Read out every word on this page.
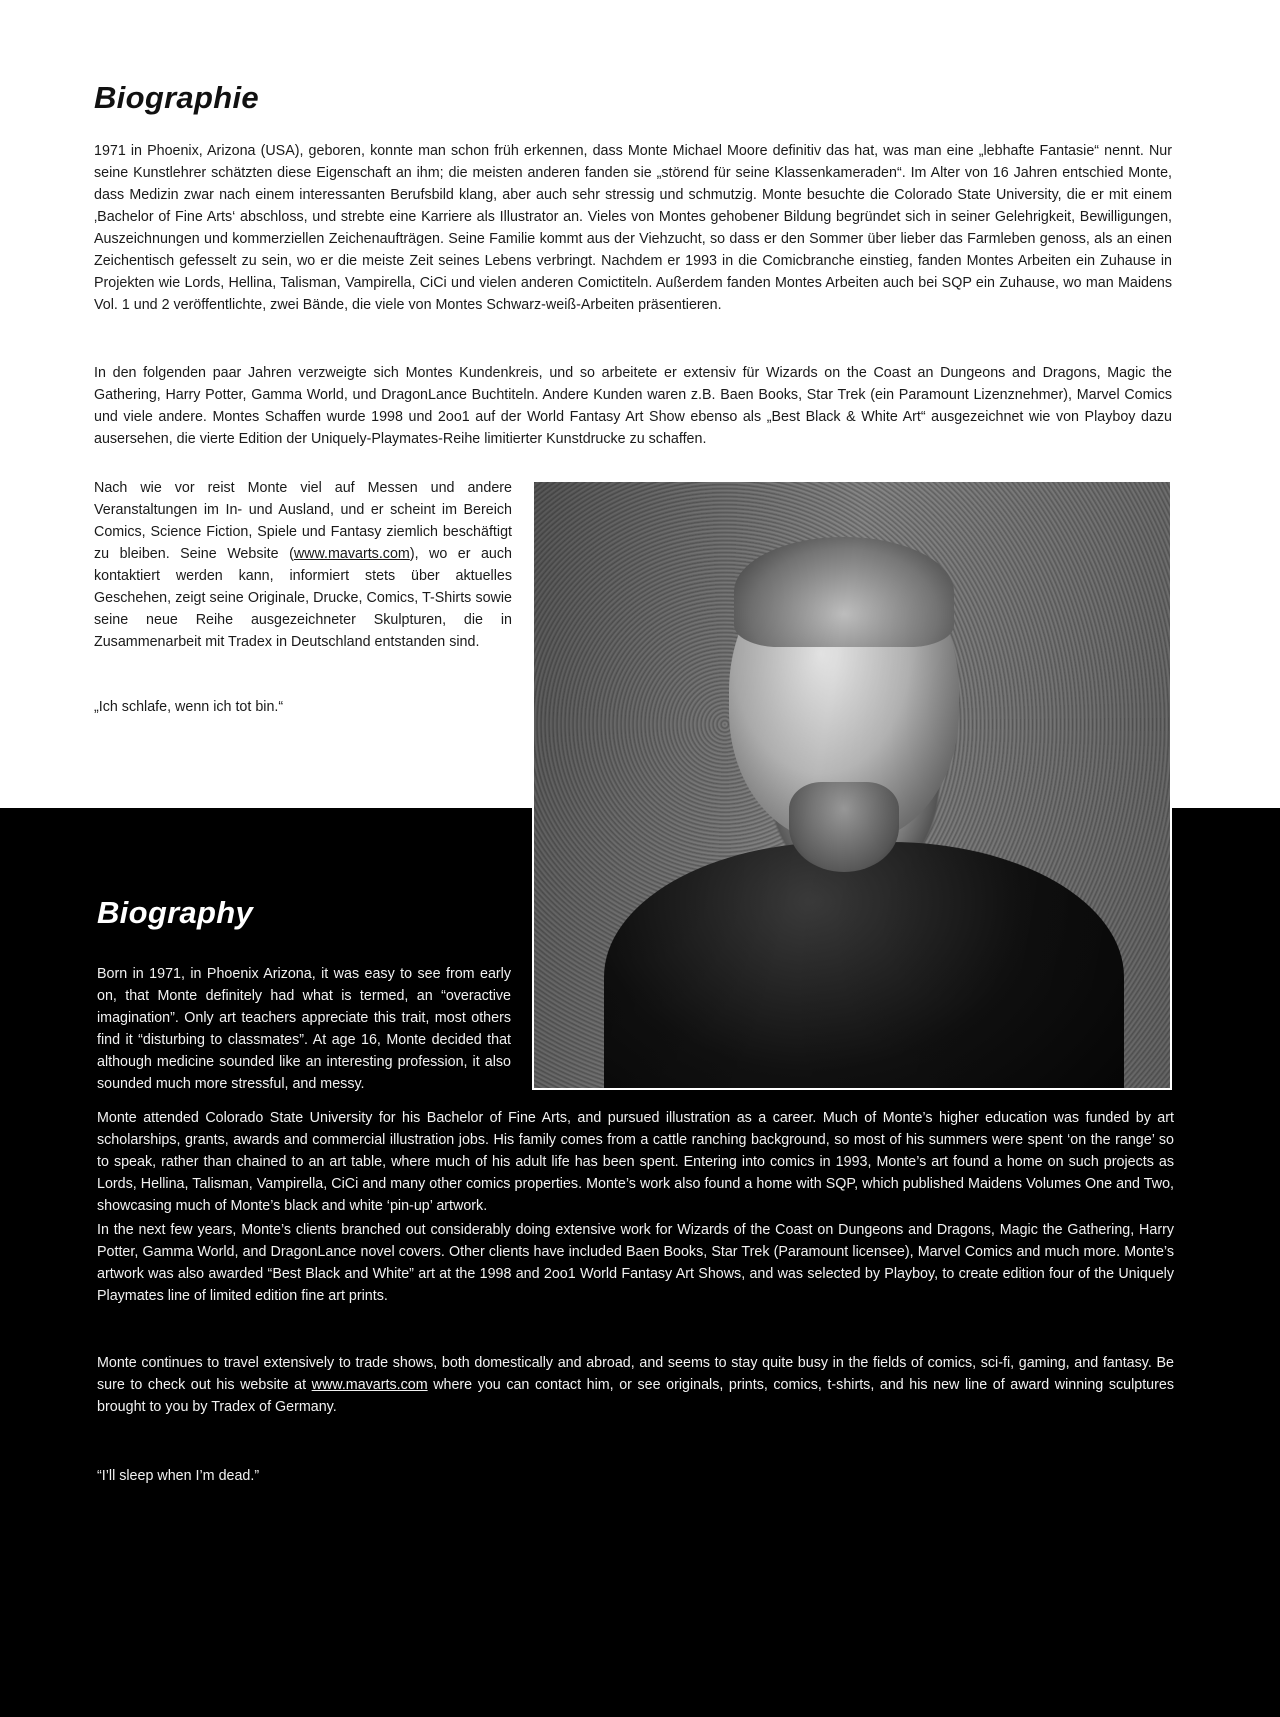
Biographie

1971 in Phoenix, Arizona (USA), geboren, konnte man schon früh erkennen, dass Monte Michael Moore definitiv das hat, was man eine „lebhafte Fantasie“ nennt. Nur seine Kunstlehrer schätzten diese Eigenschaft an ihm; die meisten anderen fanden sie „störend für seine Klassenkameraden“. Im Alter von 16 Jahren entschied Monte, dass Medizin zwar nach einem interessanten Berufsbild klang, aber auch sehr stressig und schmutzig. Monte besuchte die Colorado State University, die er mit einem ‚Bachelor of Fine Arts‘ abschloss, und strebte eine Karriere als Illustrator an. Vieles von Montes gehobener Bildung begründet sich in seiner Gelehrigkeit, Bewilligungen, Auszeichnungen und kommerziellen Zeichenaufträgen. Seine Familie kommt aus der Viehzucht, so dass er den Sommer über lieber das Farmleben genoss, als an einen Zeichentisch gefesselt zu sein, wo er die meiste Zeit seines Lebens verbringt. Nachdem er 1993 in die Comicbranche einstieg, fanden Montes Arbeiten ein Zuhause in Projekten wie Lords, Hellina, Talisman, Vampirella, CiCi und vielen anderen Comictiteln. Außerdem fanden Montes Arbeiten auch bei SQP ein Zuhause, wo man Maidens Vol. 1 und 2 veröffentlichte, zwei Bände, die viele von Montes Schwarz-weiß-Arbeiten präsentieren.

In den folgenden paar Jahren verzweigte sich Montes Kundenkreis, und so arbeitete er extensiv für Wizards on the Coast an Dungeons and Dragons, Magic the Gathering, Harry Potter, Gamma World, und DragonLance Buchtiteln. Andere Kunden waren z.B. Baen Books, Star Trek (ein Paramount Lizenznehmer), Marvel Comics und viele andere. Montes Schaffen wurde 1998 und 2oo1 auf der World Fantasy Art Show ebenso als „Best Black & White Art“ ausgezeichnet wie von Playboy dazu ausersehen, die vierte Edition der Uniquely-Playmates-Reihe limitierter Kunstdrucke zu schaffen.

Nach wie vor reist Monte viel auf Messen und andere Veranstaltungen im In- und Ausland, und er scheint im Bereich Comics, Science Fiction, Spiele und Fantasy ziemlich beschäftigt zu bleiben. Seine Website (www.mavarts.com), wo er auch kontaktiert werden kann, informiert stets über aktuelles Geschehen, zeigt seine Originale, Drucke, Comics, T-Shirts sowie seine neue Reihe ausgezeichneter Skulpturen, die in Zusammenarbeit mit Tradex in Deutschland entstanden sind.

„Ich schlafe, wenn ich tot bin.“

Biography

Born in 1971, in Phoenix Arizona, it was easy to see from early on, that Monte definitely had what is termed, an “overactive imagination”. Only art teachers appreciate this trait, most others find it “disturbing to classmates”. At age 16, Monte decided that although medicine sounded like an interesting profession, it also sounded much more stressful, and messy.

Monte attended Colorado State University for his Bachelor of Fine Arts, and pursued illustration as a career. Much of Monte’s higher education was funded by art scholarships, grants, awards and commercial illustration jobs. His family comes from a cattle ranching background, so most of his summers were spent ‘on the range’ so to speak, rather than chained to an art table, where much of his adult life has been spent. Entering into comics in 1993, Monte’s art found a home on such projects as Lords, Hellina, Talisman, Vampirella, CiCi and many other comics properties. Monte’s work also found a home with SQP, which published Maidens Volumes One and Two, showcasing much of Monte’s black and white ‘pin-up’ artwork.

In the next few years, Monte’s clients branched out considerably doing extensive work for Wizards of the Coast on Dungeons and Dragons, Magic the Gathering, Harry Potter, Gamma World, and DragonLance novel covers. Other clients have included Baen Books, Star Trek (Paramount licensee), Marvel Comics and much more. Monte’s artwork was also awarded “Best Black and White” art at the 1998 and 2oo1 World Fantasy Art Shows, and was selected by Playboy, to create edition four of the Uniquely Playmates line of limited edition fine art prints.

Monte continues to travel extensively to trade shows, both domestically and abroad, and seems to stay quite busy in the fields of comics, sci-fi, gaming, and fantasy. Be sure to check out his website at www.mavarts.com where you can contact him, or see originals, prints, comics, t-shirts, and his new line of award winning sculptures brought to you by Tradex of Germany.

“I’ll sleep when I’m dead.”
